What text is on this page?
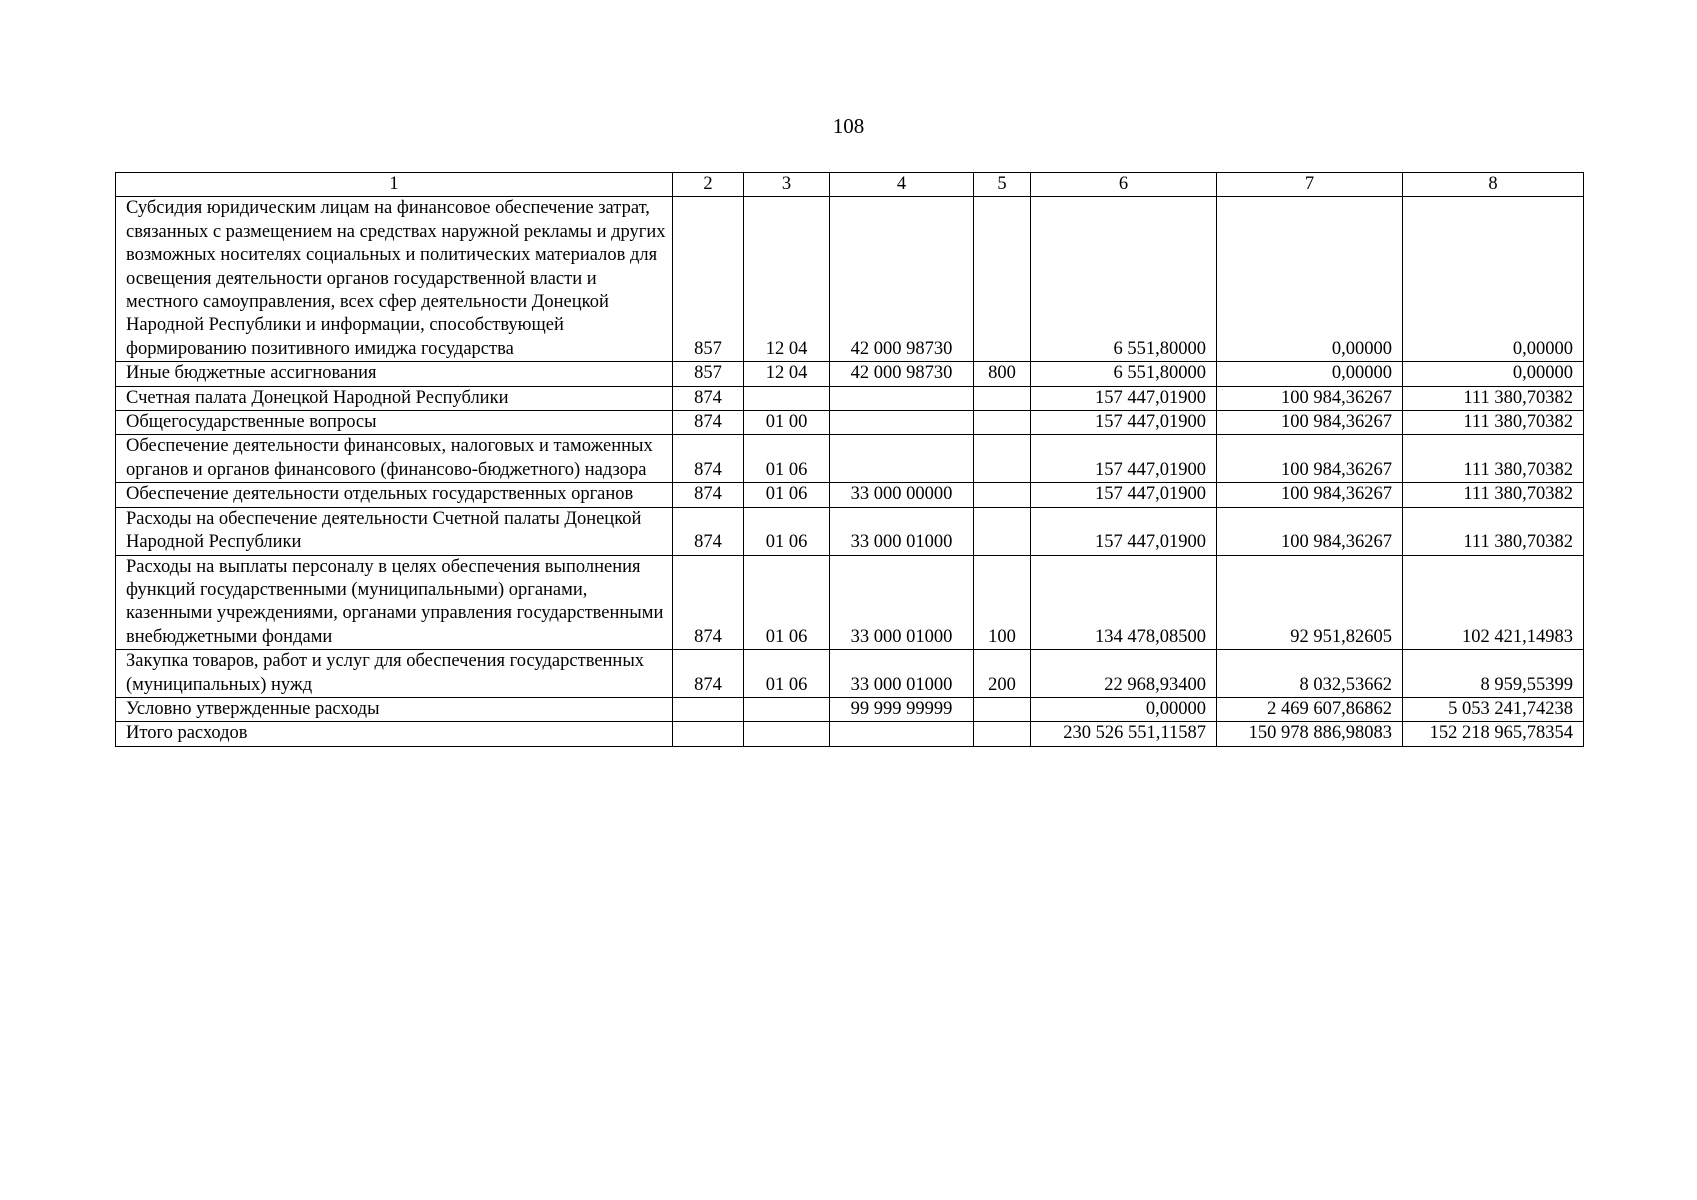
108
1	2	3	4	5	6	7	8
Субсидия юридическим лицам на финансовое обеспечение затрат, связанных с размещением на средствах наружной рекламы и других возможных носителях социальных и политических материалов для освещения деятельности органов государственной власти и местного самоуправления, всех сфер деятельности Донецкой Народной Республики и информации, способствующей формированию позитивного имиджа государства	857	12 04	42 000 98730		6 551,80000	0,00000	0,00000
Иные бюджетные ассигнования	857	12 04	42 000 98730	800	6 551,80000	0,00000	0,00000
Счетная палата Донецкой Народной Республики	874				157 447,01900	100 984,36267	111 380,70382
Общегосударственные вопросы	874	01 00			157 447,01900	100 984,36267	111 380,70382
Обеспечение деятельности финансовых, налоговых и таможенных органов и органов финансового (финансово-бюджетного) надзора	874	01 06			157 447,01900	100 984,36267	111 380,70382
Обеспечение деятельности отдельных государственных органов	874	01 06	33 000 00000		157 447,01900	100 984,36267	111 380,70382
Расходы на обеспечение деятельности Счетной палаты Донецкой Народной Республики	874	01 06	33 000 01000		157 447,01900	100 984,36267	111 380,70382
Расходы на выплаты персоналу в целях обеспечения выполнения функций государственными (муниципальными) органами, казенными учреждениями, органами управления государственными внебюджетными фондами	874	01 06	33 000 01000	100	134 478,08500	92 951,82605	102 421,14983
Закупка товаров, работ и услуг для обеспечения государственных (муниципальных) нужд	874	01 06	33 000 01000	200	22 968,93400	8 032,53662	8 959,55399
Условно утвержденные расходы			99 999 99999		0,00000	2 469 607,86862	5 053 241,74238
Итого расходов					230 526 551,11587	150 978 886,98083	152 218 965,78354
